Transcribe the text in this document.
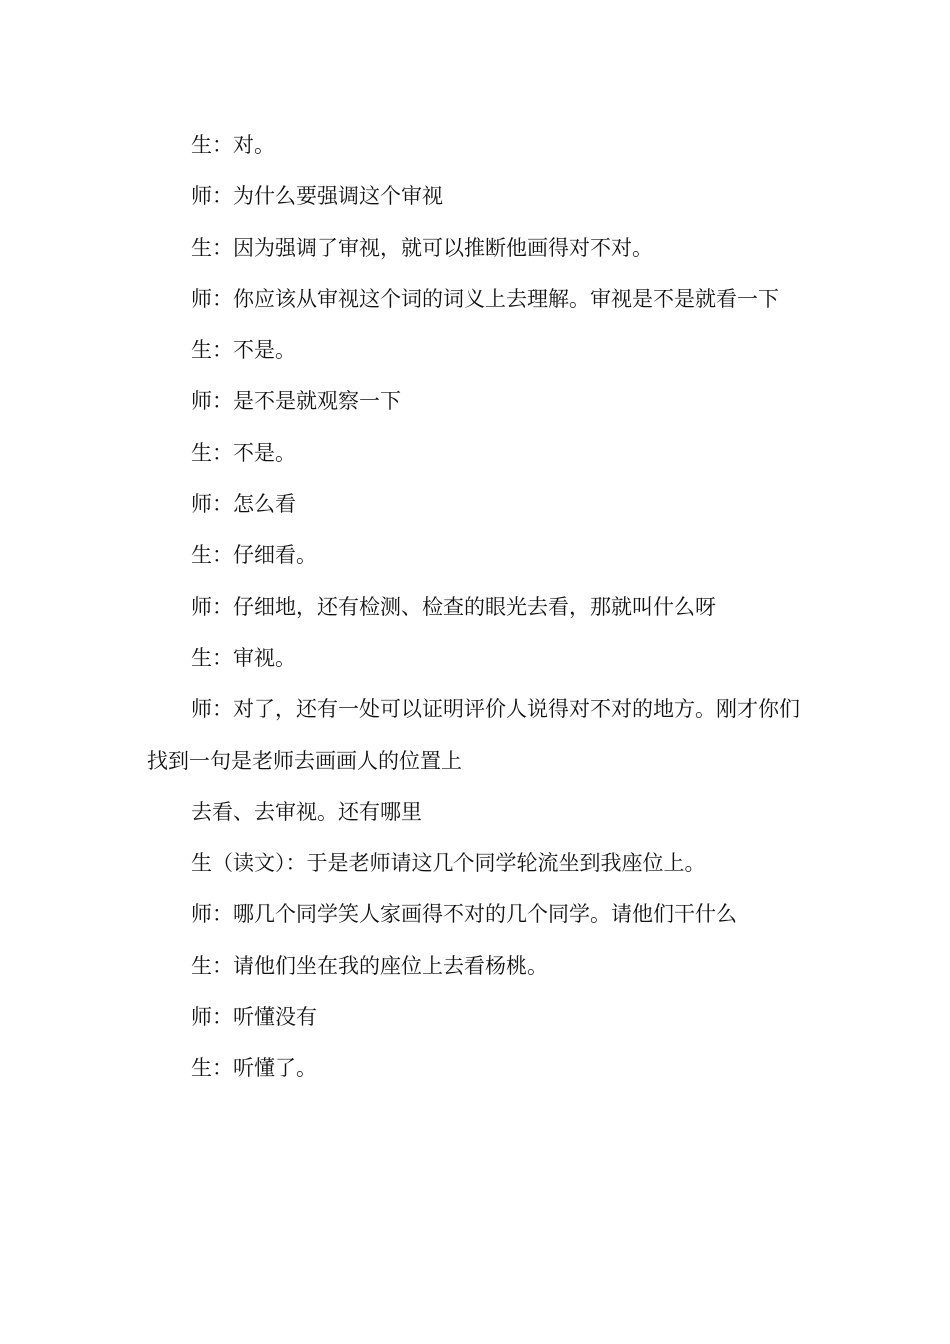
生：对。

师：为什么要强调这个审视

生：因为强调了审视，就可以推断他画得对不对。

师：你应该从审视这个词的词义上去理解。审视是不是就看一下

生：不是。

师：是不是就观察一下

生：不是。

师：怎么看

生：仔细看。

师：仔细地，还有检测、检查的眼光去看，那就叫什么呀

生：审视。

师：对了，还有一处可以证明评价人说得对不对的地方。刚才你们找到一句是老师去画画人的位置上

去看、去审视。还有哪里

生（读文）：于是老师请这几个同学轮流坐到我座位上。

师：哪几个同学笑人家画得不对的几个同学。请他们干什么

生：请他们坐在我的座位上去看杨桃。

师：听懂没有

生：听懂了。
